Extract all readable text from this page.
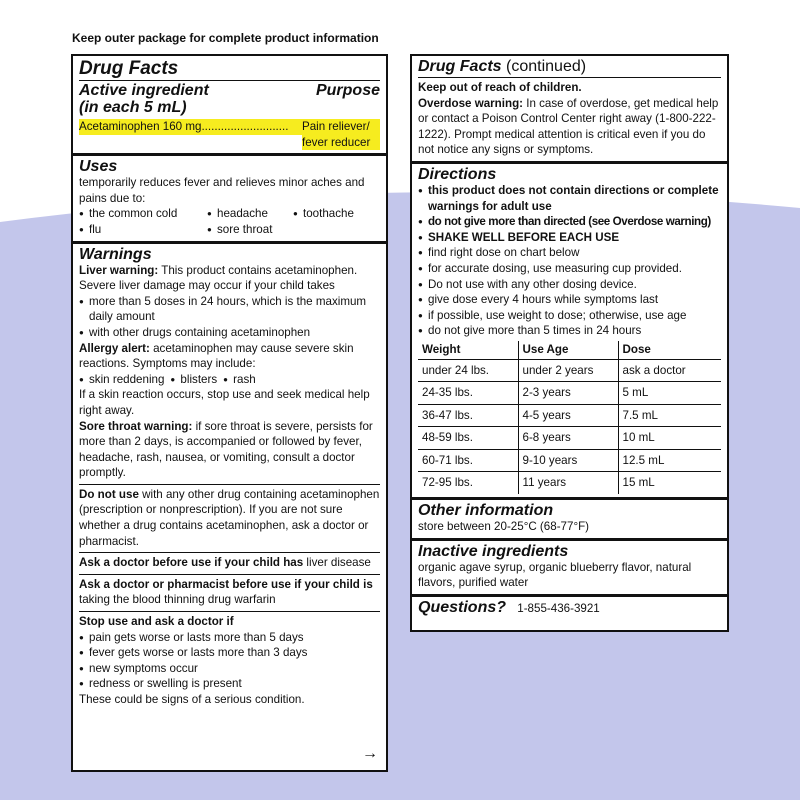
Keep outer package for complete product information
Drug Facts
Active ingredient
(in each 5 mL)
Purpose
Acetaminophen 160 mg...........................	Pain reliever/
fever reducer
Uses
temporarily reduces fever and relieves minor aches and pains due to:
● the common cold	● headache	● toothache
● flu	● sore throat
Warnings
Liver warning: This product contains acetaminophen. Severe liver damage may occur if your child takes
● more than 5 doses in 24 hours, which is the maximum daily amount
● with other drugs containing acetaminophen
Allergy alert: acetaminophen may cause severe skin reactions. Symptoms may include:
● skin reddening ● blisters ● rash
If a skin reaction occurs, stop use and seek medical help right away.
Sore throat warning: if sore throat is severe, persists for more than 2 days, is accompanied or followed by fever, headache, rash, nausea, or vomiting, consult a doctor promptly.
Do not use with any other drug containing acetaminophen (prescription or nonprescription). If you are not sure whether a drug contains acetaminophen, ask a doctor or pharmacist.
Ask a doctor before use if your child has liver disease
Ask a doctor or pharmacist before use if your child is taking the blood thinning drug warfarin
Stop use and ask a doctor if
● pain gets worse or lasts more than 5 days
● fever gets worse or lasts more than 3 days
● new symptoms occur
● redness or swelling is present
These could be signs of a serious condition.
→
Drug Facts (continued)
Keep out of reach of children.
Overdose warning: In case of overdose, get medical help or contact a Poison Control Center right away (1-800-222-1222). Prompt medical attention is critical even if you do not notice any signs or symptoms.
Directions
● this product does not contain directions or complete warnings for adult use
● do not give more than directed (see Overdose warning)
● SHAKE WELL BEFORE EACH USE
● find right dose on chart below
● for accurate dosing, use measuring cup provided.
● Do not use with any other dosing device.
● give dose every 4 hours while symptoms last
● if possible, use weight to dose; otherwise, use age
● do not give more than 5 times in 24 hours
Weight	Use Age	Dose
under 24 lbs.	under 2 years	ask a doctor
24-35 lbs.	2-3 years	5 mL
36-47 lbs.	4-5 years	7.5 mL
48-59 lbs.	6-8 years	10 mL
60-71 lbs.	9-10 years	12.5 mL
72-95 lbs.	11 years	15 mL
Other information
store between 20-25°C (68-77°F)
Inactive ingredients
organic agave syrup, organic blueberry flavor, natural flavors, purified water
Questions? 1-855-436-3921
